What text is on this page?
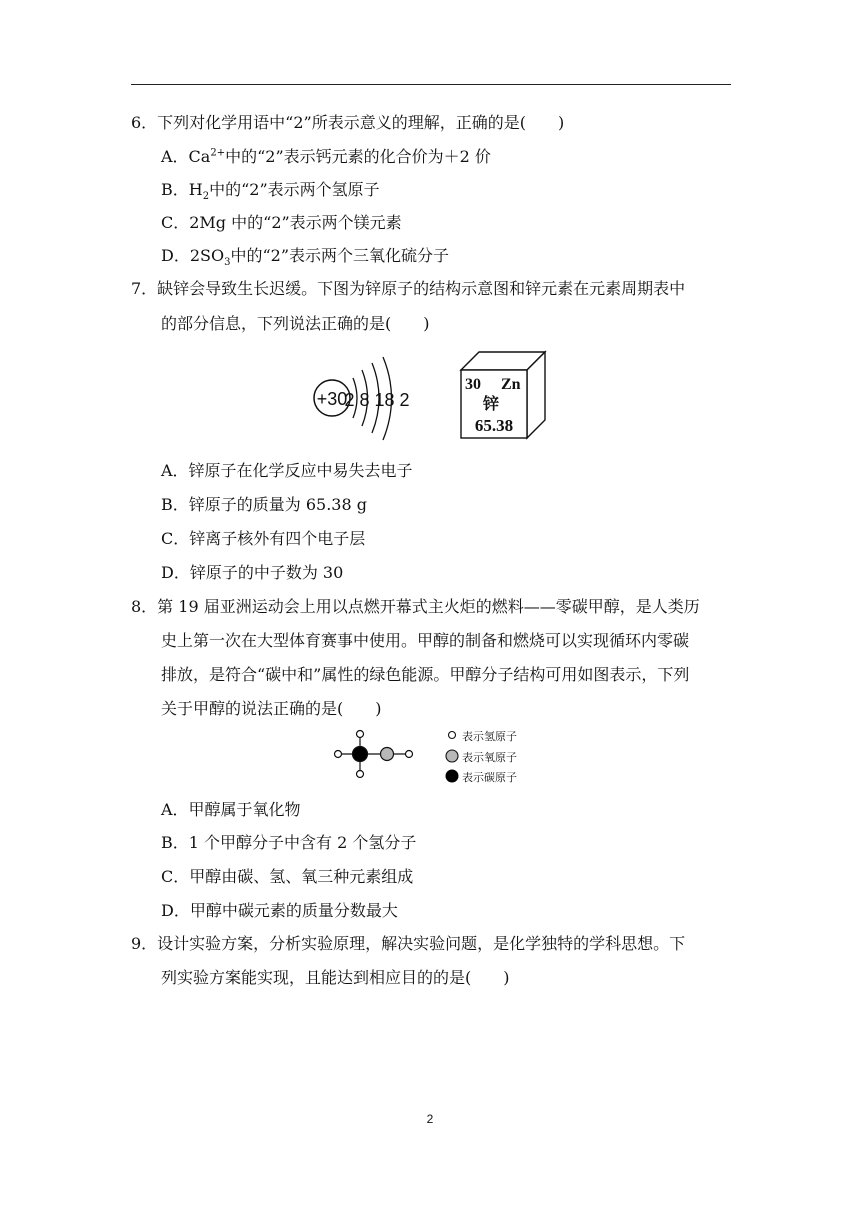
6．下列对化学用语中“2”所表示意义的理解，正确的是(　　)
A．$Ca^{2+}$中的“2”表示钙元素的化合价为＋2 价
B．$H_2$中的“2”表示两个氢原子
C．2Mg 中的“2”表示两个镁元素
D．$2SO_3$中的“2”表示两个三氧化硫分子
7．缺锌会导致生长迟缓。下图为锌原子的结构示意图和锌元素在元素周期表中
的部分信息，下列说法正确的是(　　)
+30
2 8 18 2
30 Zn
锌
65.38
A．锌原子在化学反应中易失去电子
B．锌原子的质量为 65.38 g
C．锌离子核外有四个电子层
D．锌原子的中子数为 30
8．第 19 届亚洲运动会上用以点燃开幕式主火炬的燃料——零碳甲醇，是人类历
史上第一次在大型体育赛事中使用。甲醇的制备和燃烧可以实现循环内零碳
排放，是符合“碳中和”属性的绿色能源。甲醇分子结构可用如图表示，下列
关于甲醇的说法正确的是(　　)
表示氢原子
表示氧原子
表示碳原子
A．甲醇属于氧化物
B．1 个甲醇分子中含有 2 个氢分子
C．甲醇由碳、氢、氧三种元素组成
D．甲醇中碳元素的质量分数最大
9．设计实验方案，分析实验原理，解决实验问题，是化学独特的学科思想。下
列实验方案能实现，且能达到相应目的的是(　　)
2
